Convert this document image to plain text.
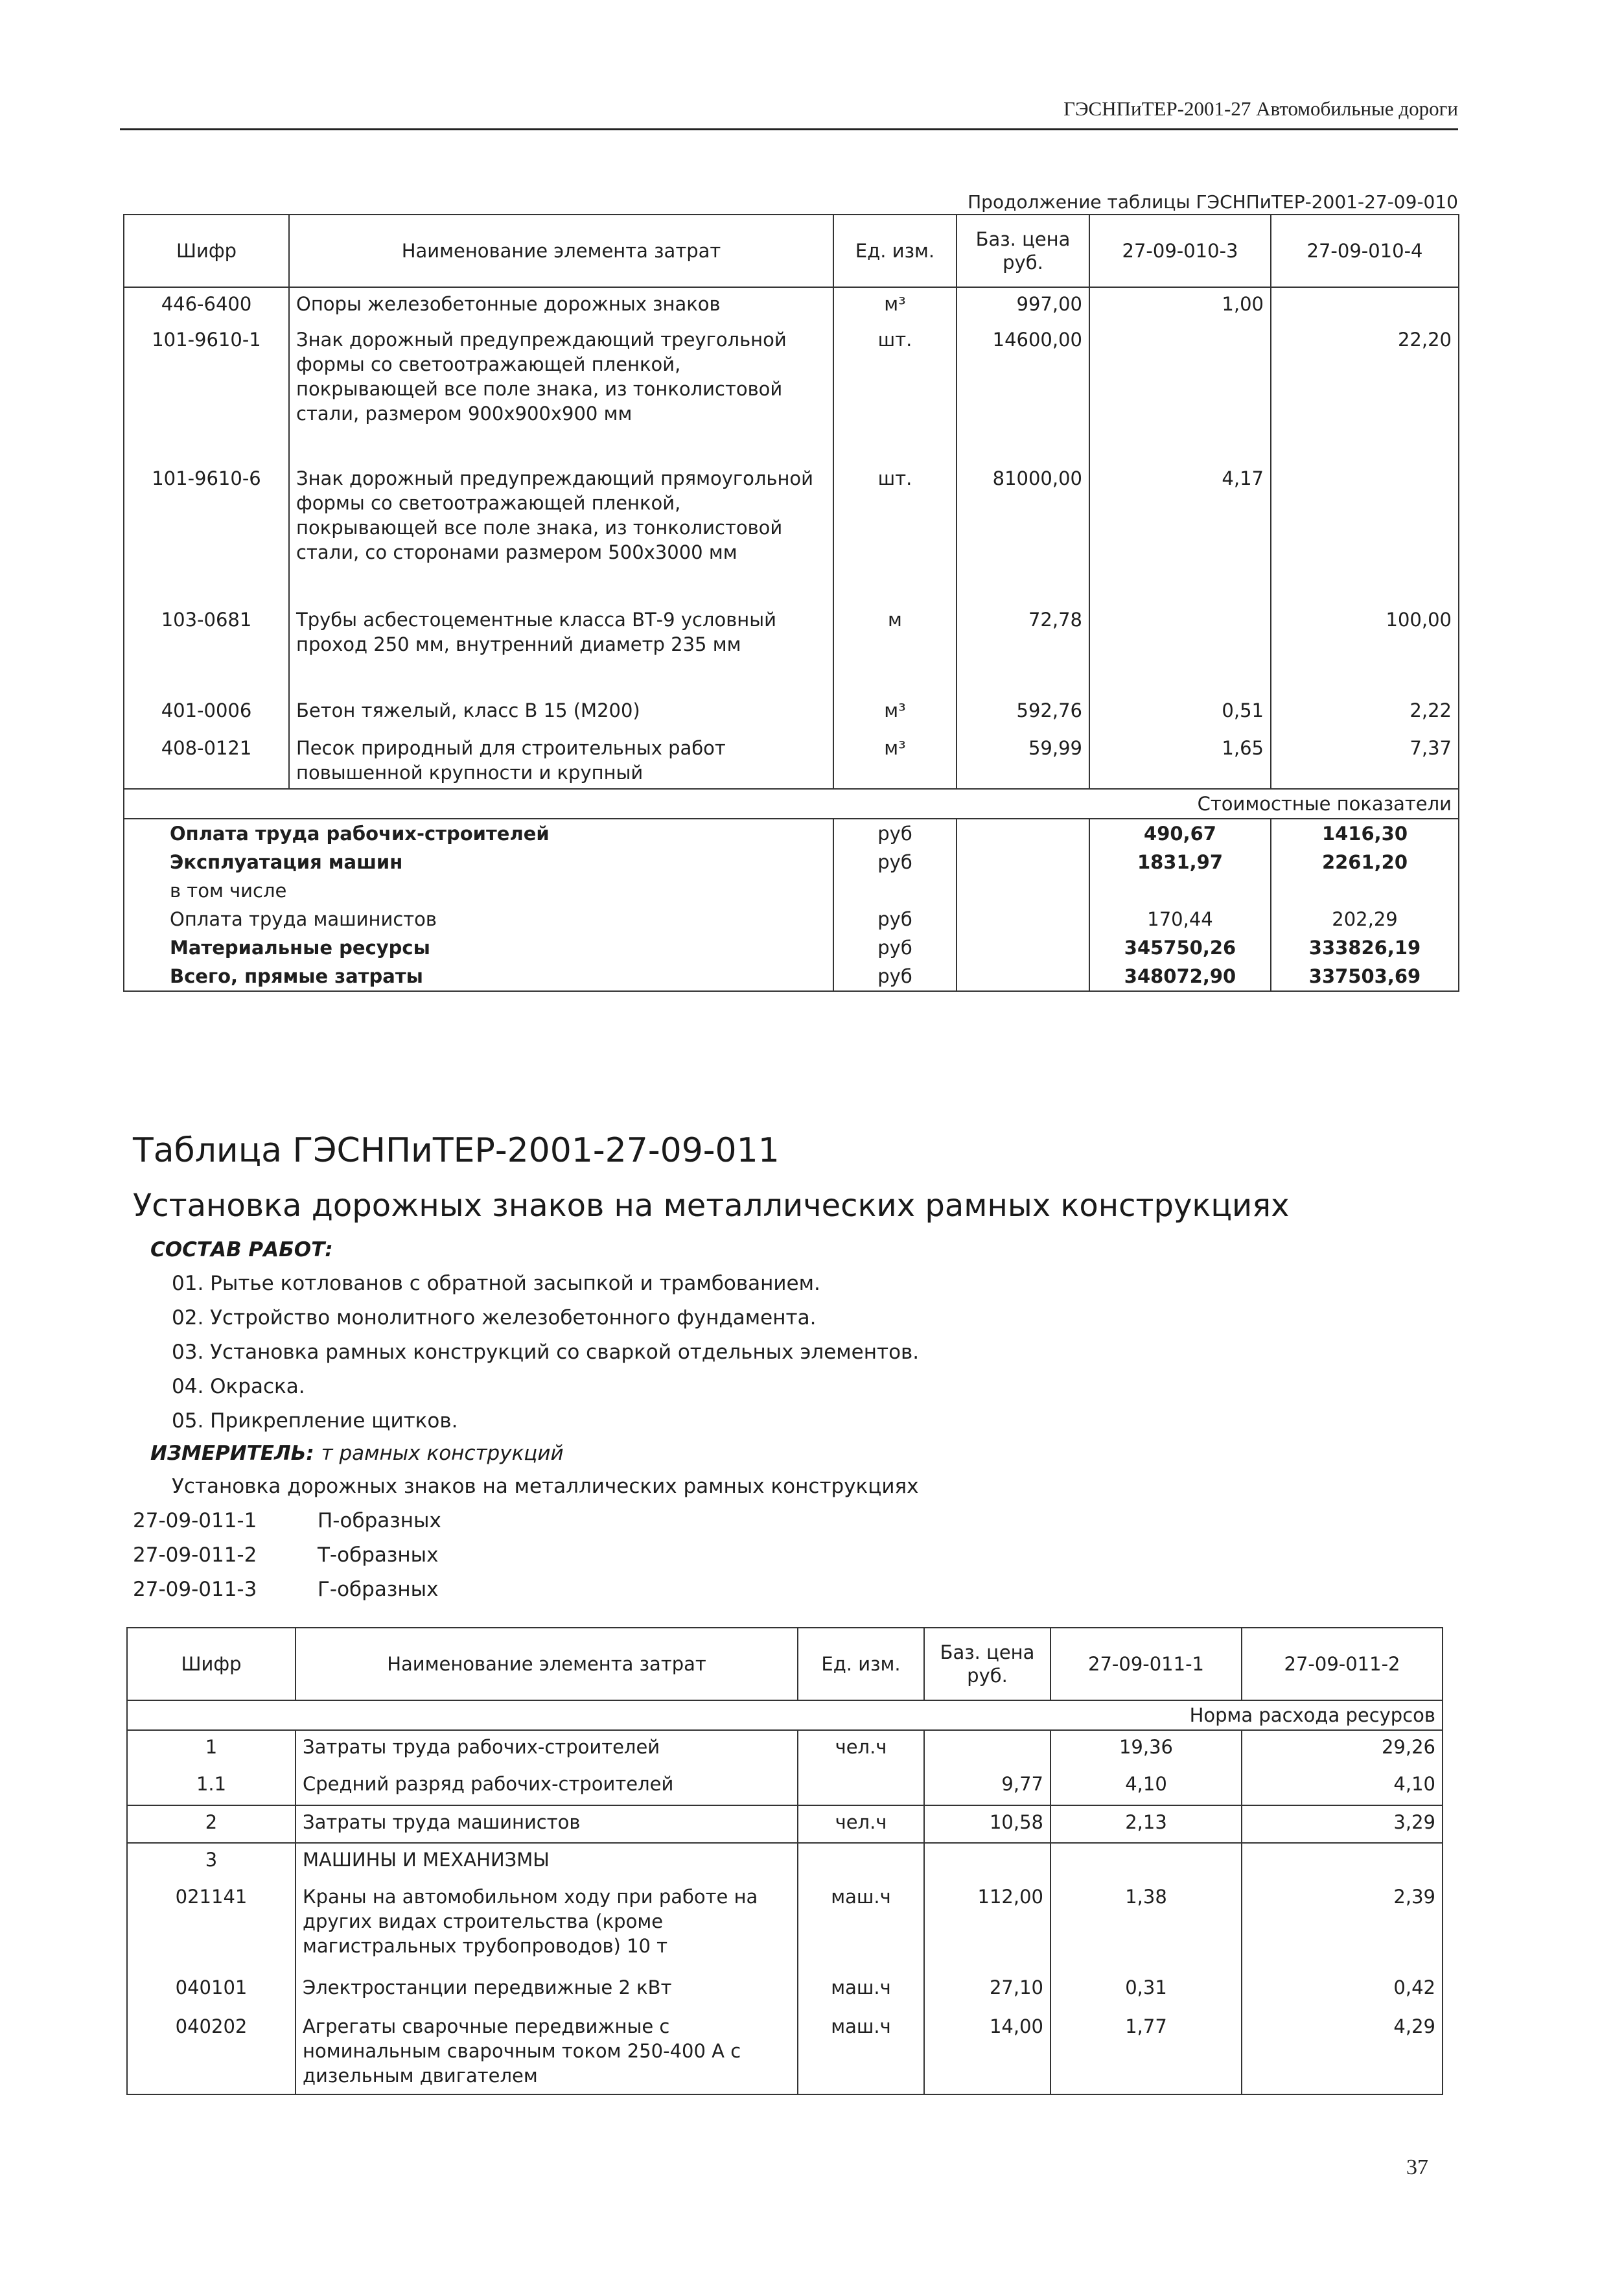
ГЭСНПиТЕР-2001-27 Автомобильные дороги
Продолжение таблицы ГЭСНПиТЕР-2001-27-09-010
Шифр	Наименование элемента затрат	Ед. изм.	Баз. цена руб.	27-09-010-3	27-09-010-4
446-6400	Опоры железобетонные дорожных знаков	м³	997,00	1,00	
101-9610-1	Знак дорожный предупреждающий треугольной формы со светоотражающей пленкой, покрывающей все поле знака, из тонколистовой стали, размером 900х900х900 мм	шт.	14600,00		22,20
101-9610-6	Знак дорожный предупреждающий прямоугольной формы со светоотражающей пленкой, покрывающей все поле знака, из тонколистовой стали, со сторонами размером 500х3000 мм	шт.	81000,00	4,17	
103-0681	Трубы асбестоцементные класса ВТ-9 условный проход 250 мм, внутренний диаметр 235 мм	м	72,78		100,00
401-0006	Бетон тяжелый, класс В 15 (М200)	м³	592,76	0,51	2,22
408-0121	Песок природный для строительных работ повышенной крупности и крупный	м³	59,99	1,65	7,37
Стоимостные показатели					
Оплата труда рабочих-строителей		руб		490,67	1416,30
Эксплуатация машин		руб		1831,97	2261,20
в том числе					
Оплата труда машинистов		руб		170,44	202,29
Материальные ресурсы		руб		345750,26	333826,19
Всего, прямые затраты		руб		348072,90	337503,69
Таблица ГЭСНПиТЕР-2001-27-09-011
Установка дорожных знаков на металлических рамных конструкциях
СОСТАВ РАБОТ:
01. Рытье котлованов с обратной засыпкой и трамбованием.
02. Устройство монолитного железобетонного фундамента.
03. Установка рамных конструкций со сваркой отдельных элементов.
04. Окраска.
05. Прикрепление щитков.
ИЗМЕРИТЕЛЬ: т рамных конструкций
Установка дорожных знаков на металлических рамных конструкциях
27-09-011-1	П-образных
27-09-011-2	Т-образных
27-09-011-3	Г-образных
Шифр	Наименование элемента затрат	Ед. изм.	Баз. цена руб.	27-09-011-1	27-09-011-2
Норма расхода ресурсов					
1	Затраты труда рабочих-строителей	чел.ч		19,36	29,26
1.1	Средний разряд рабочих-строителей		9,77	4,10	4,10
2	Затраты труда машинистов	чел.ч	10,58	2,13	3,29
3	МАШИНЫ И МЕХАНИЗМЫ				
021141	Краны на автомобильном ходу при работе на других видах строительства (кроме магистральных трубопроводов) 10 т	маш.ч	112,00	1,38	2,39
040101	Электростанции передвижные 2 кВт	маш.ч	27,10	0,31	0,42
040202	Агрегаты сварочные передвижные с номинальным сварочным током 250-400 А с дизельным двигателем	маш.ч	14,00	1,77	4,29
37
